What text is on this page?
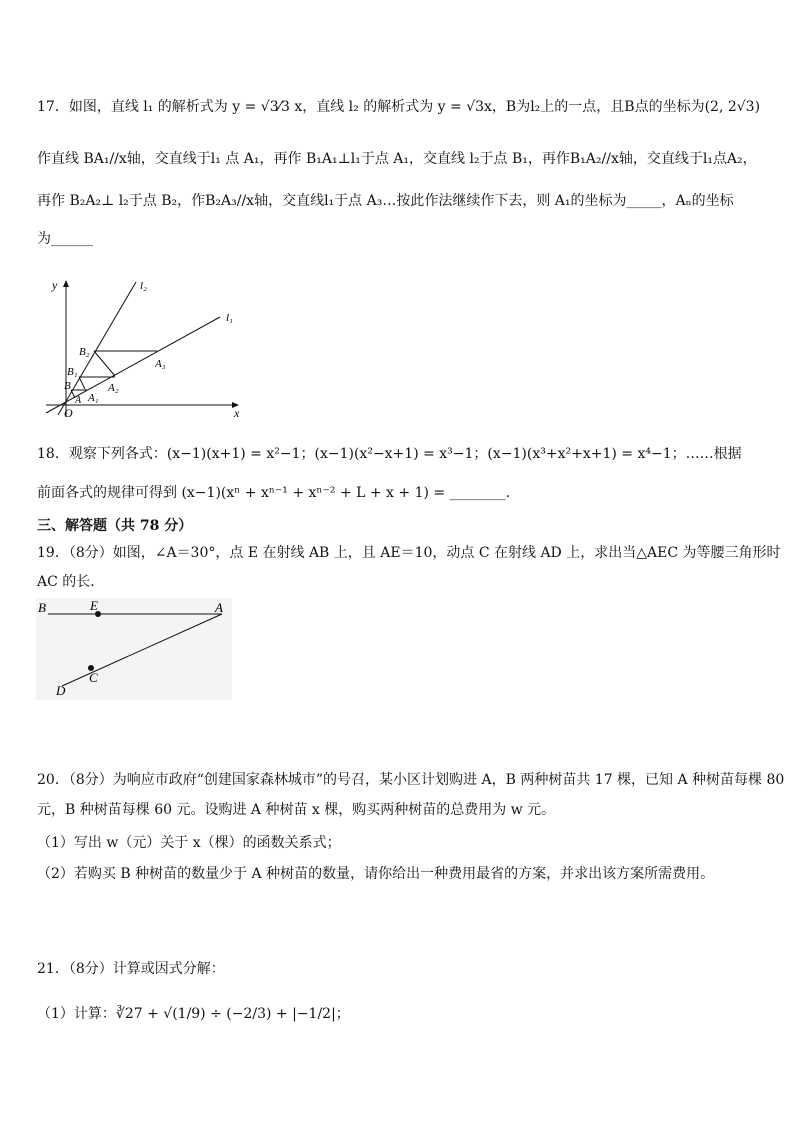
17．如图，直线 l₁ 的解析式为 y = √3⁄3 x，直线 l₂ 的解析式为 y = √3x，B为l₂上的一点，且B点的坐标为(2, 2√3)
作直线 BA₁//x轴，交直线于l₁ 点 A₁，再作 B₁A₁⊥l₁于点 A₁，交直线 l₂于点 B₁，再作B₁A₂//x轴，交直线于l₁点A₂，
再作 B₂A₂⊥ l₂于点 B₂，作B₂A₃//x轴，交直线l₁于点 A₃…按此作法继续作下去，则 A₁的坐标为_____，Aₙ的坐标
为______
y
x
O
l₂
l₁
B₂
A₃
B₁
A₂
B
A A₁
18．观察下列各式：(x−1)(x+1) = x²−1；(x−1)(x²−x+1) = x³−1；(x−1)(x³+x²+x+1) = x⁴−1；……根据
前面各式的规律可得到 (x−1)(xⁿ + xⁿ⁻¹ + xⁿ⁻² + L + x + 1) = ________.
三、解答题（共 78 分）
19．（8分）如图，∠A＝30°，点 E 在射线 AB 上，且 AE＝10，动点 C 在射线 AD 上，求出当△AEC 为等腰三角形时
AC 的长．
B	E	A
C
D
20．（8分）为响应市政府“创建国家森林城市”的号召，某小区计划购进 A，B 两种树苗共 17 棵，已知 A 种树苗每棵 80
元，B 种树苗每棵 60 元。设购进 A 种树苗 x 棵，购买两种树苗的总费用为 w 元。
（1）写出 w（元）关于 x（棵）的函数关系式；
（2）若购买 B 种树苗的数量少于 A 种树苗的数量，请你给出一种费用最省的方案，并求出该方案所需费用。
21．（8分）计算或因式分解：
（1）计算：∛27 + √(1/9) ÷ (−2/3) + |−1/2|；
